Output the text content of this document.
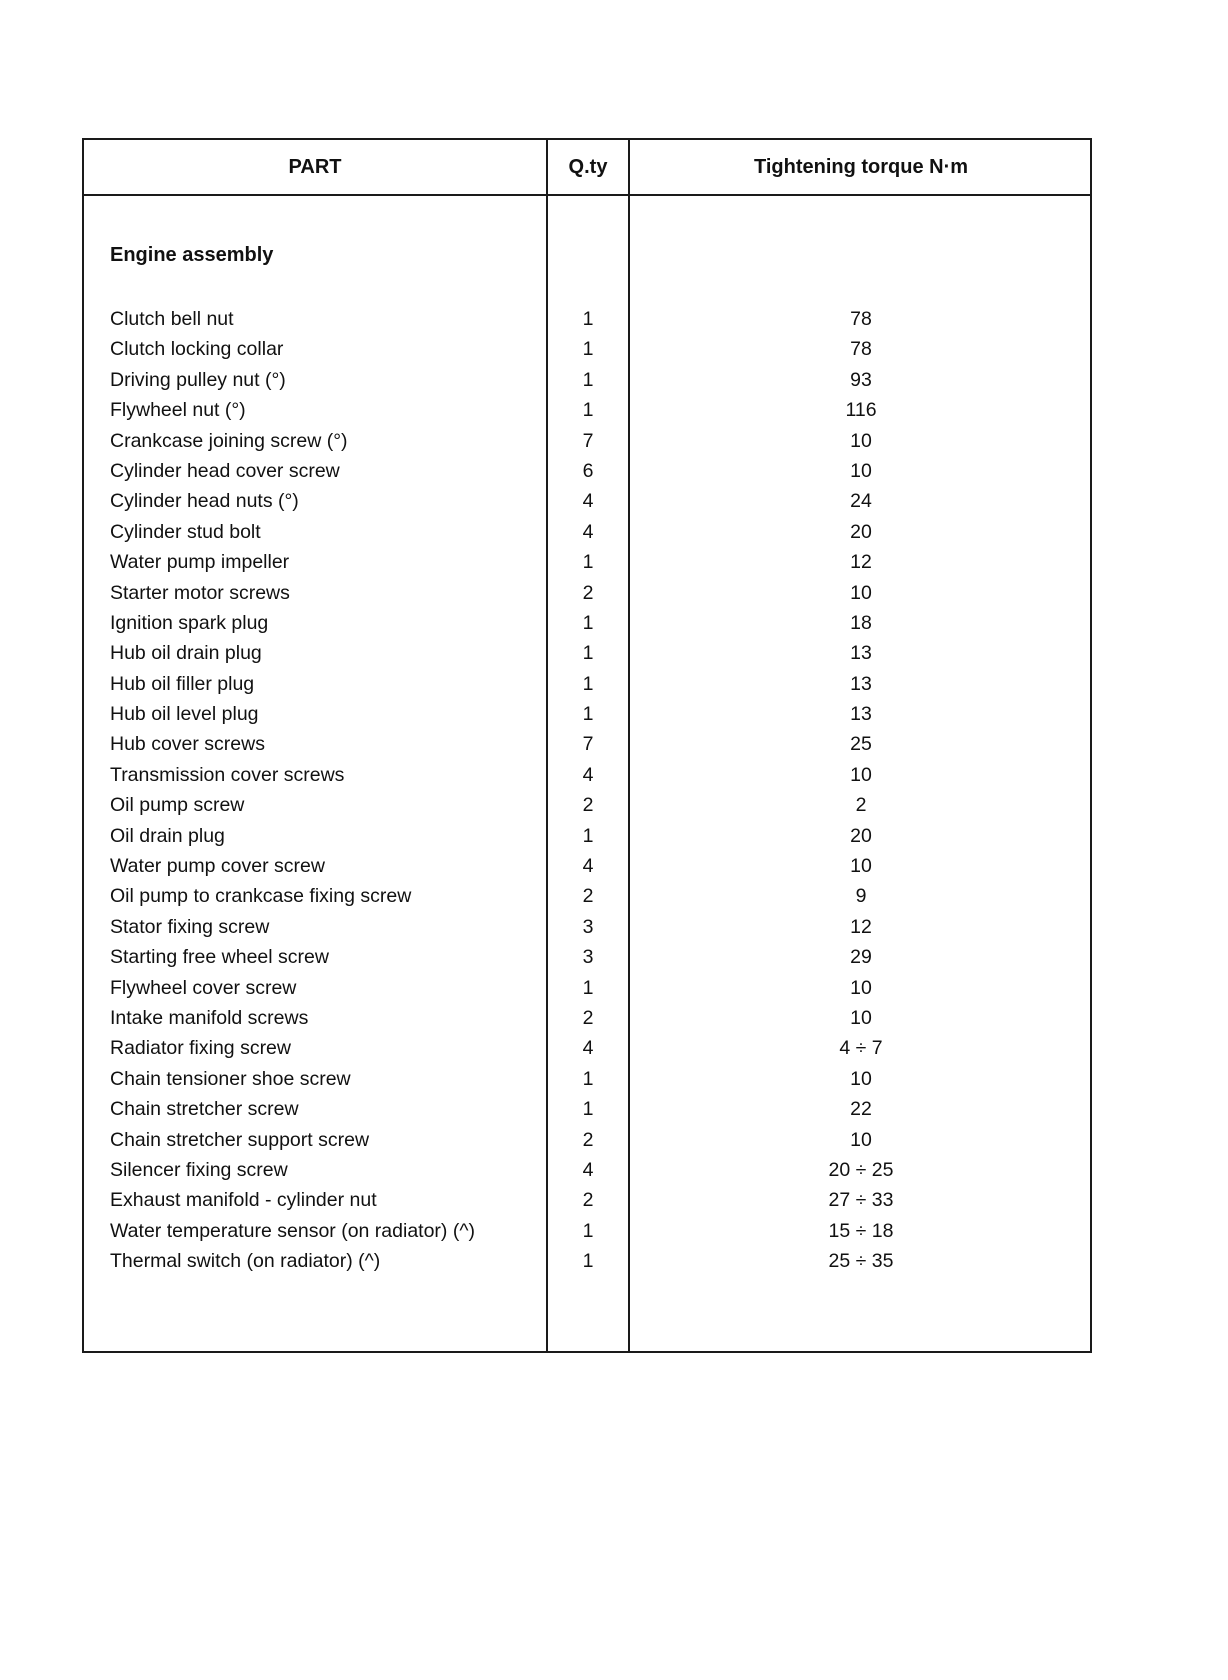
PART	Q.ty	Tightening torque N·m
Engine assembly
Clutch bell nut	1	78
Clutch locking collar	1	78
Driving pulley nut (°)	1	93
Flywheel nut (°)	1	116
Crankcase joining screw (°)	7	10
Cylinder head cover screw	6	10
Cylinder head nuts (°)	4	24
Cylinder stud bolt	4	20
Water pump impeller	1	12
Starter motor screws	2	10
Ignition spark plug	1	18
Hub oil drain plug	1	13
Hub oil filler plug	1	13
Hub oil level plug	1	13
Hub cover screws	7	25
Transmission cover screws	4	10
Oil pump screw	2	2
Oil drain plug	1	20
Water pump cover screw	4	10
Oil pump to crankcase fixing screw	2	9
Stator fixing screw	3	12
Starting free wheel screw	3	29
Flywheel cover screw	1	10
Intake manifold screws	2	10
Radiator fixing screw	4	4 ÷ 7
Chain tensioner shoe screw	1	10
Chain stretcher screw	1	22
Chain stretcher support screw	2	10
Silencer fixing screw	4	20 ÷ 25
Exhaust manifold - cylinder nut	2	27 ÷ 33
Water temperature sensor (on radiator) (^)	1	15 ÷ 18
Thermal switch (on radiator) (^)	1	25 ÷ 35
